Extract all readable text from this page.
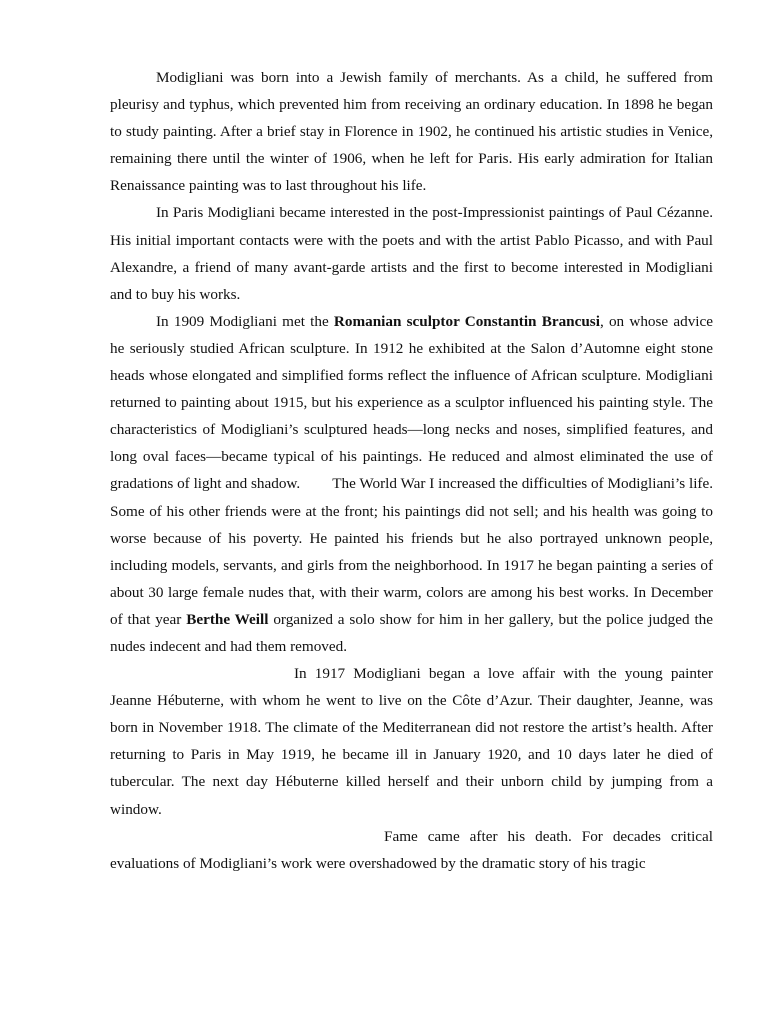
Modigliani was born into a Jewish family of merchants. As a child, he suffered from pleurisy and typhus, which prevented him from receiving an ordinary education. In 1898 he began to study painting. After a brief stay in Florence in 1902, he continued his artistic studies in Venice, remaining there until the winter of 1906, when he left for Paris. His early admiration for Italian Renaissance painting was to last throughout his life.

In Paris Modigliani became interested in the post-Impressionist paintings of Paul Cézanne. His initial important contacts were with the poets and with the artist Pablo Picasso, and with Paul Alexandre, a friend of many avant-garde artists and the first to become interested in Modigliani and to buy his works.

In 1909 Modigliani met the Romanian sculptor Constantin Brancusi, on whose advice he seriously studied African sculpture. In 1912 he exhibited at the Salon d’Automne eight stone heads whose elongated and simplified forms reflect the influence of African sculpture. Modigliani returned to painting about 1915, but his experience as a sculptor influenced his painting style. The characteristics of Modigliani’s sculptured heads—long necks and noses, simplified features, and long oval faces—became typical of his paintings. He reduced and almost eliminated the use of gradations of light and shadow. The World War I increased the difficulties of Modigliani’s life. Some of his other friends were at the front; his paintings did not sell; and his health was going to worse because of his poverty. He painted his friends but he also portrayed unknown people, including models, servants, and girls from the neighborhood. In 1917 he began painting a series of about 30 large female nudes that, with their warm, colors are among his best works. In December of that year Berthe Weill organized a solo show for him in her gallery, but the police judged the nudes indecent and had them removed.

In 1917 Modigliani began a love affair with the young painter Jeanne Hébuterne, with whom he went to live on the Côte d’Azur. Their daughter, Jeanne, was born in November 1918. The climate of the Mediterranean did not restore the artist’s health. After returning to Paris in May 1919, he became ill in January 1920, and 10 days later he died of tubercular. The next day Hébuterne killed herself and their unborn child by jumping from a window.

Fame came after his death. For decades critical evaluations of Modigliani’s work were overshadowed by the dramatic story of his tragic
